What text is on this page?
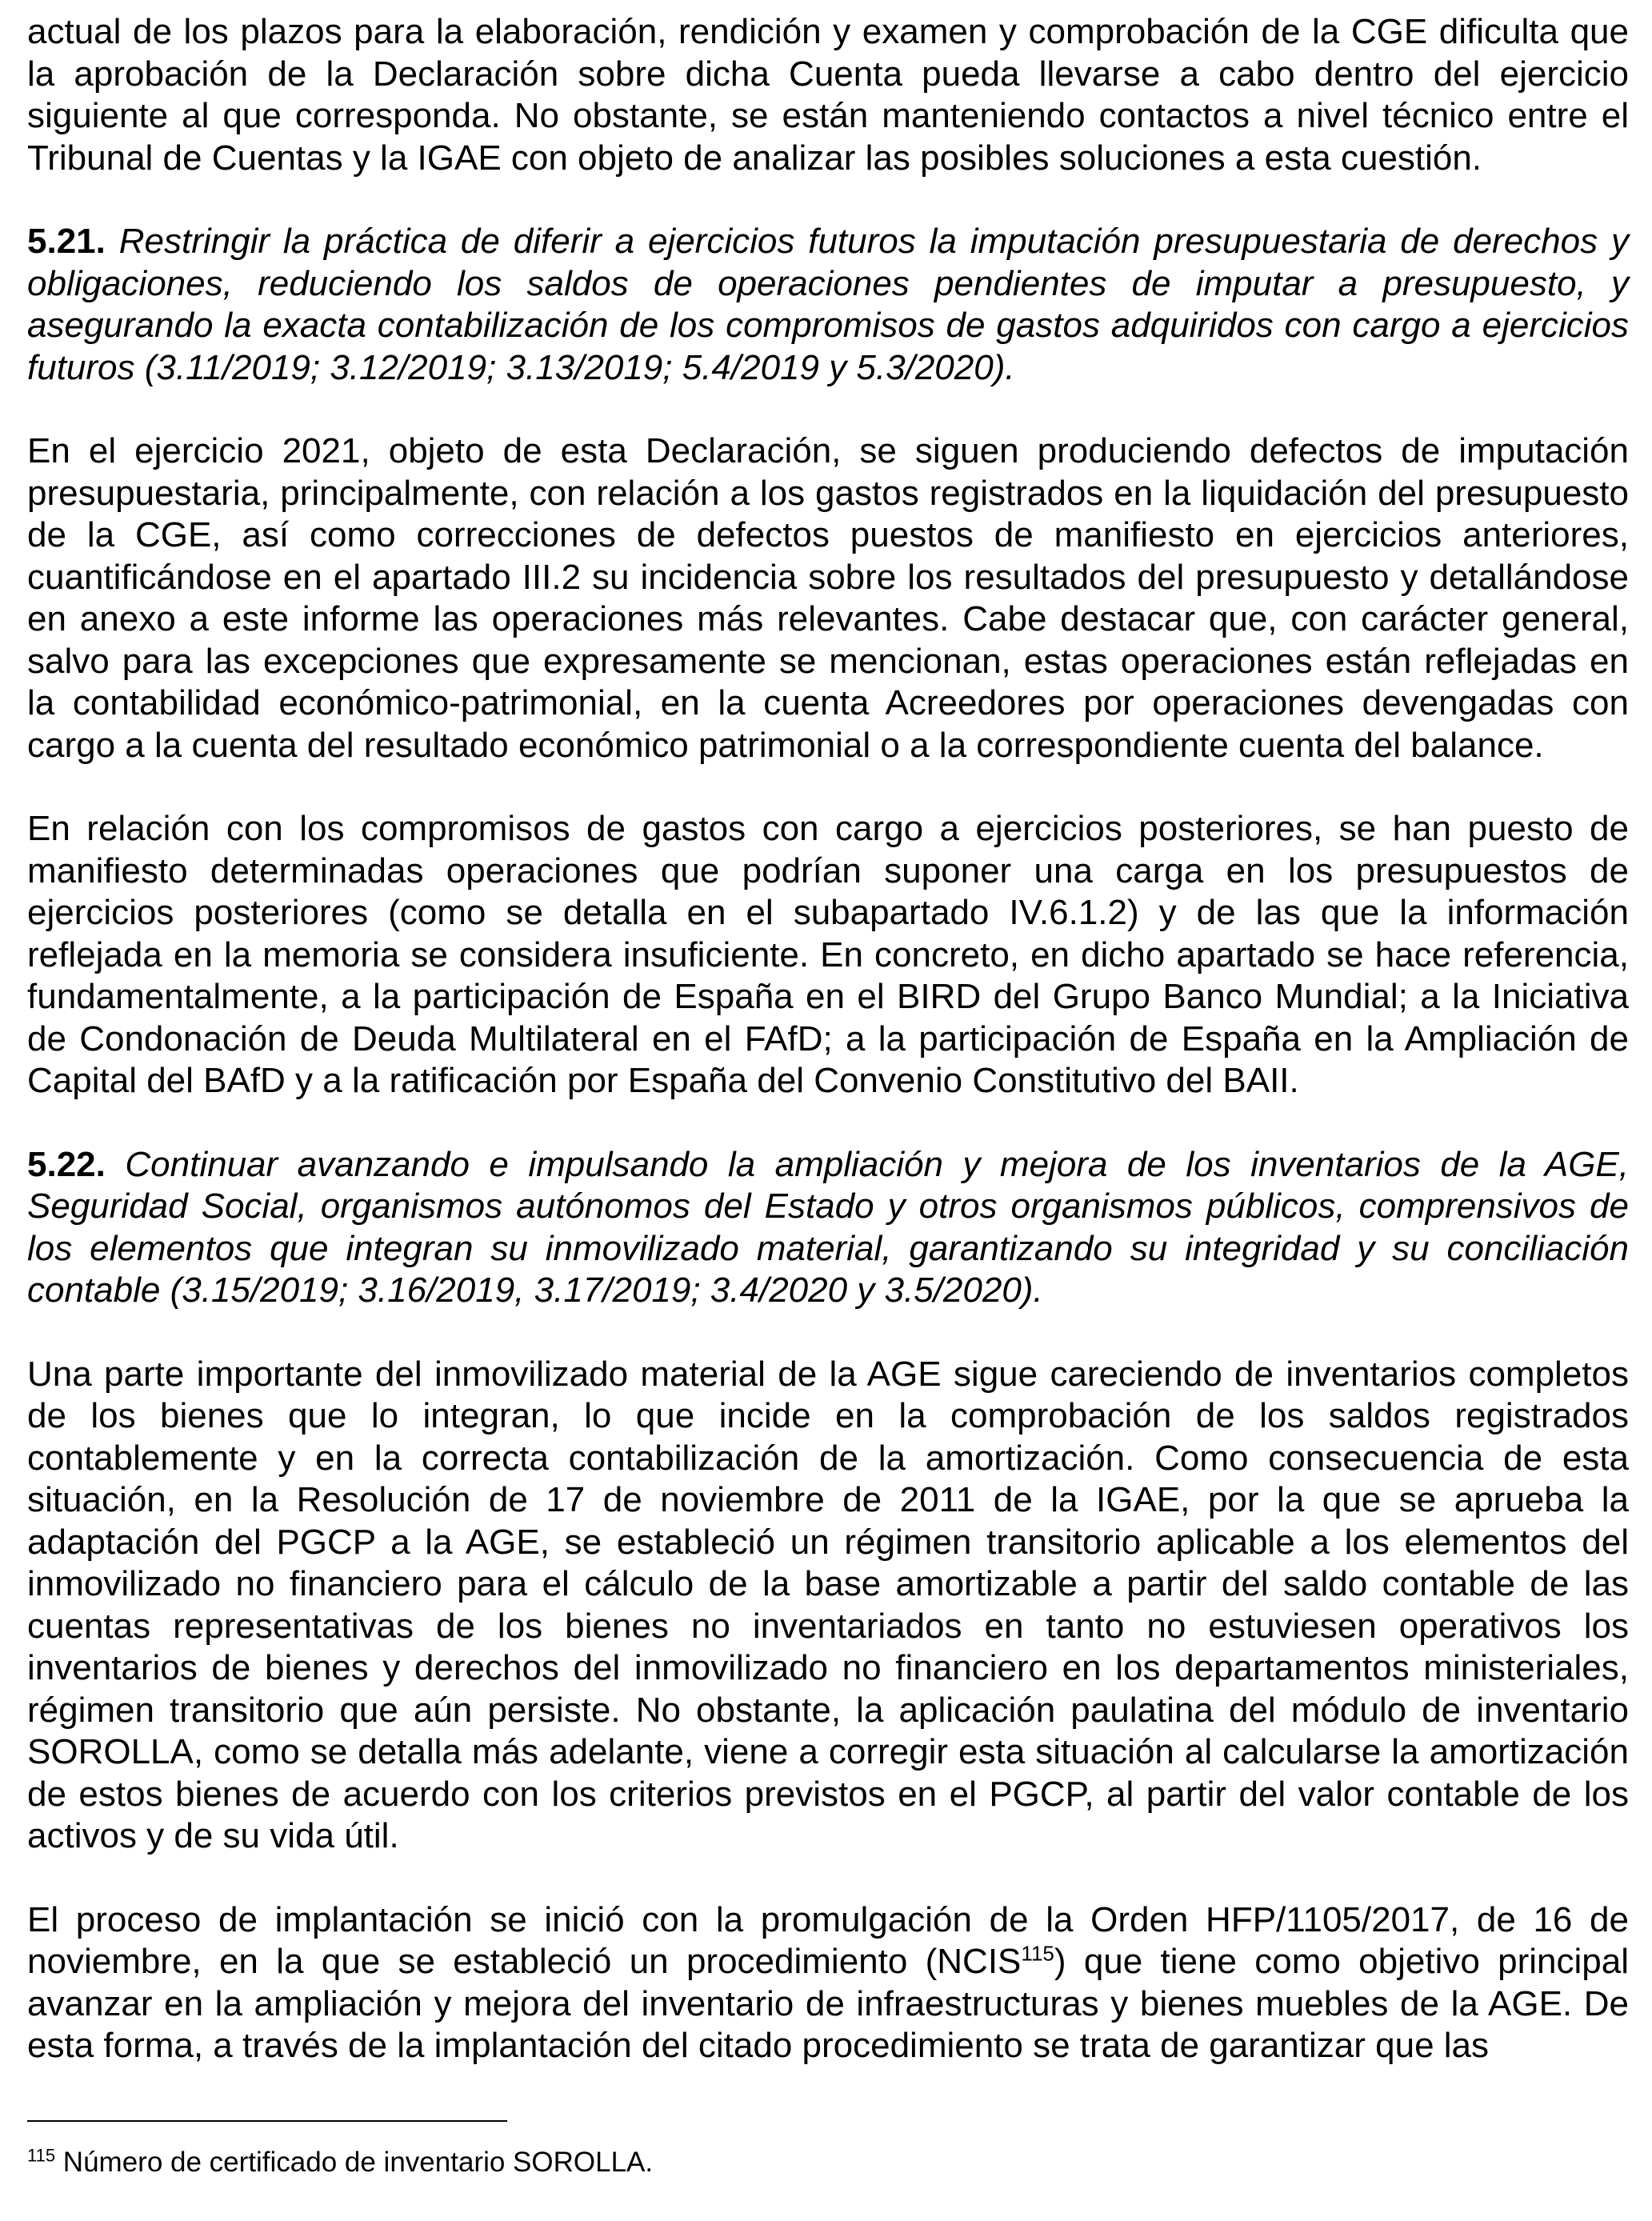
actual de los plazos para la elaboración, rendición y examen y comprobación de la CGE dificulta que la aprobación de la Declaración sobre dicha Cuenta pueda llevarse a cabo dentro del ejercicio siguiente al que corresponda. No obstante, se están manteniendo contactos a nivel técnico entre el Tribunal de Cuentas y la IGAE con objeto de analizar las posibles soluciones a esta cuestión.

5.21. Restringir la práctica de diferir a ejercicios futuros la imputación presupuestaria de derechos y obligaciones, reduciendo los saldos de operaciones pendientes de imputar a presupuesto, y asegurando la exacta contabilización de los compromisos de gastos adquiridos con cargo a ejercicios futuros (3.11/2019; 3.12/2019; 3.13/2019; 5.4/2019 y 5.3/2020).

En el ejercicio 2021, objeto de esta Declaración, se siguen produciendo defectos de imputación presupuestaria, principalmente, con relación a los gastos registrados en la liquidación del presupuesto de la CGE, así como correcciones de defectos puestos de manifiesto en ejercicios anteriores, cuantificándose en el apartado III.2 su incidencia sobre los resultados del presupuesto y detallándose en anexo a este informe las operaciones más relevantes. Cabe destacar que, con carácter general, salvo para las excepciones que expresamente se mencionan, estas operaciones están reflejadas en la contabilidad económico-patrimonial, en la cuenta Acreedores por operaciones devengadas con cargo a la cuenta del resultado económico patrimonial o a la correspondiente cuenta del balance.

En relación con los compromisos de gastos con cargo a ejercicios posteriores, se han puesto de manifiesto determinadas operaciones que podrían suponer una carga en los presupuestos de ejercicios posteriores (como se detalla en el subapartado IV.6.1.2) y de las que la información reflejada en la memoria se considera insuficiente. En concreto, en dicho apartado se hace referencia, fundamentalmente, a la participación de España en el BIRD del Grupo Banco Mundial; a la Iniciativa de Condonación de Deuda Multilateral en el FAfD; a la participación de España en la Ampliación de Capital del BAfD y a la ratificación por España del Convenio Constitutivo del BAII.

5.22. Continuar avanzando e impulsando la ampliación y mejora de los inventarios de la AGE, Seguridad Social, organismos autónomos del Estado y otros organismos públicos, comprensivos de los elementos que integran su inmovilizado material, garantizando su integridad y su conciliación contable (3.15/2019; 3.16/2019, 3.17/2019; 3.4/2020 y 3.5/2020).

Una parte importante del inmovilizado material de la AGE sigue careciendo de inventarios completos de los bienes que lo integran, lo que incide en la comprobación de los saldos registrados contablemente y en la correcta contabilización de la amortización. Como consecuencia de esta situación, en la Resolución de 17 de noviembre de 2011 de la IGAE, por la que se aprueba la adaptación del PGCP a la AGE, se estableció un régimen transitorio aplicable a los elementos del inmovilizado no financiero para el cálculo de la base amortizable a partir del saldo contable de las cuentas representativas de los bienes no inventariados en tanto no estuviesen operativos los inventarios de bienes y derechos del inmovilizado no financiero en los departamentos ministeriales, régimen transitorio que aún persiste. No obstante, la aplicación paulatina del módulo de inventario SOROLLA, como se detalla más adelante, viene a corregir esta situación al calcularse la amortización de estos bienes de acuerdo con los criterios previstos en el PGCP, al partir del valor contable de los activos y de su vida útil.

El proceso de implantación se inició con la promulgación de la Orden HFP/1105/2017, de 16 de noviembre, en la que se estableció un procedimiento (NCIS$^{115}$) que tiene como objetivo principal avanzar en la ampliación y mejora del inventario de infraestructuras y bienes muebles de la AGE. De esta forma, a través de la implantación del citado procedimiento se trata de garantizar que las

$^{115}$ Número de certificado de inventario SOROLLA.
